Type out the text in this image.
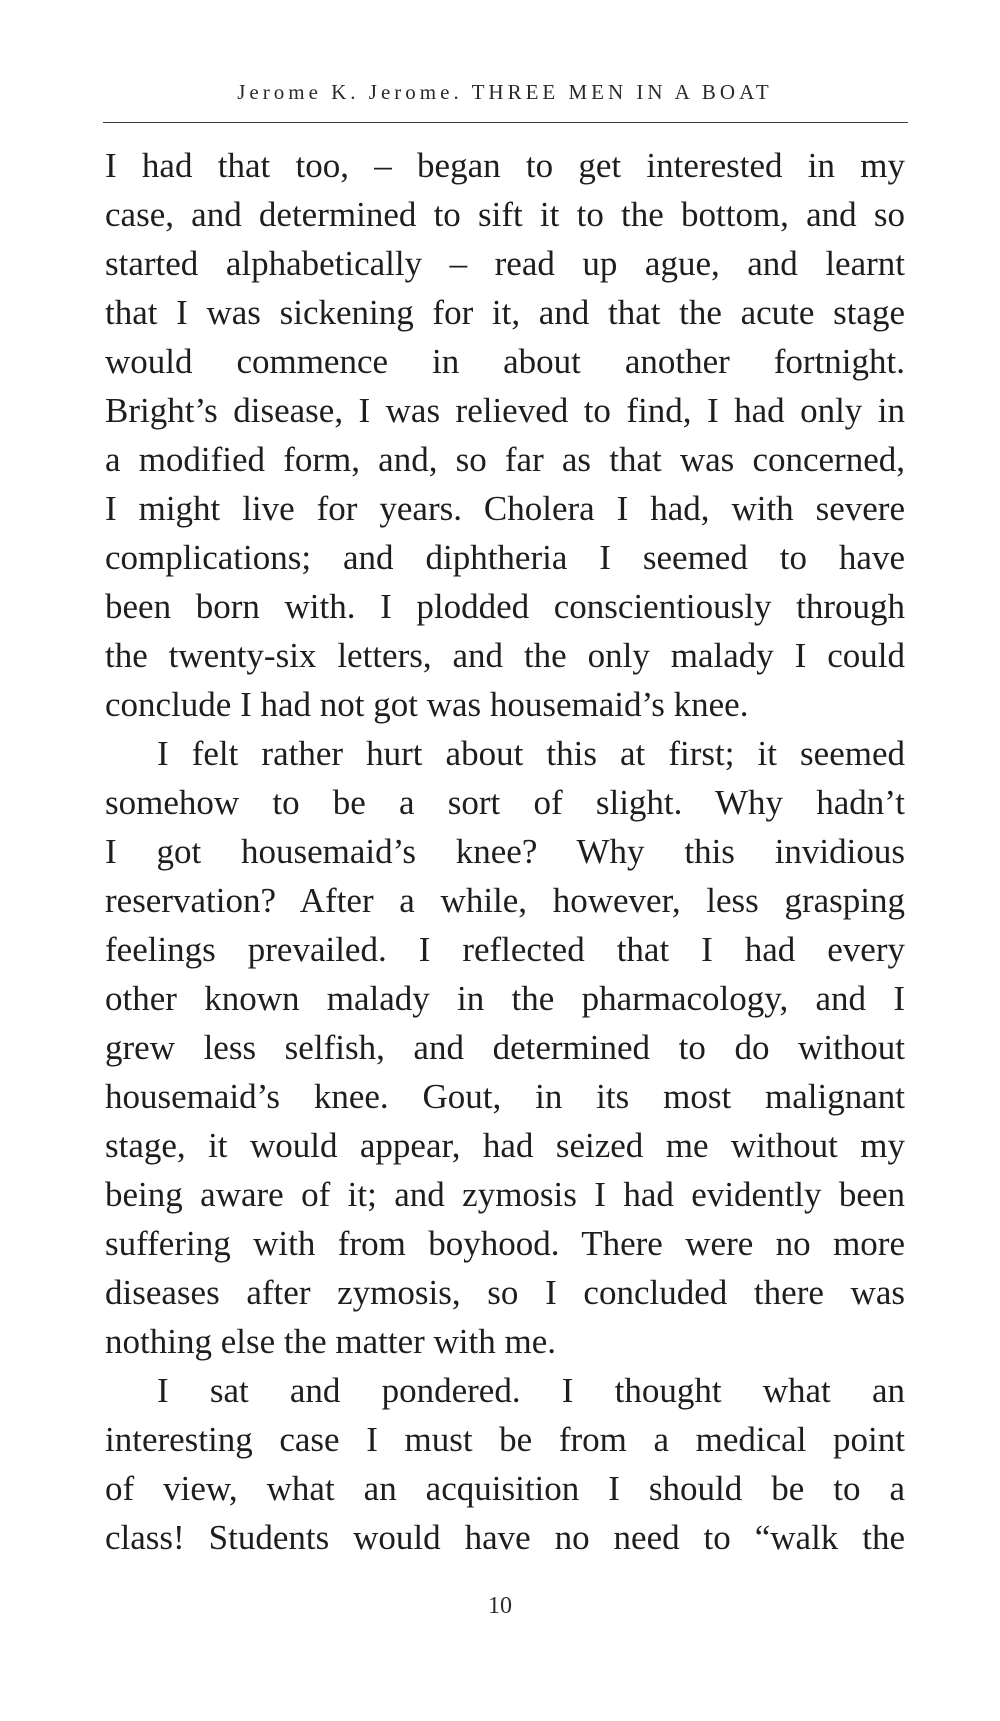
Jerome K. Jerome. THREE MEN IN A BOAT
I had that too, – began to get interested in my
case, and determined to sift it to the bottom, and so
started alphabetically – read up ague, and learnt
that I was sickening for it, and that the acute stage
would commence in about another fortnight.
Bright’s disease, I was relieved to find, I had only in
a modified form, and, so far as that was concerned,
I might live for years. Cholera I had, with severe
complications; and diphtheria I seemed to have
been born with. I plodded conscientiously through
the twenty-six letters, and the only malady I could
conclude I had not got was housemaid’s knee.
I felt rather hurt about this at first; it seemed
somehow to be a sort of slight. Why hadn’t
I got housemaid’s knee? Why this invidious
reservation? After a while, however, less grasping
feelings prevailed. I reflected that I had every
other known malady in the pharmacology, and I
grew less selfish, and determined to do without
housemaid’s knee. Gout, in its most malignant
stage, it would appear, had seized me without my
being aware of it; and zymosis I had evidently been
suffering with from boyhood. There were no more
diseases after zymosis, so I concluded there was
nothing else the matter with me.
I sat and pondered. I thought what an
interesting case I must be from a medical point
of view, what an acquisition I should be to a
class! Students would have no need to “walk the
10
